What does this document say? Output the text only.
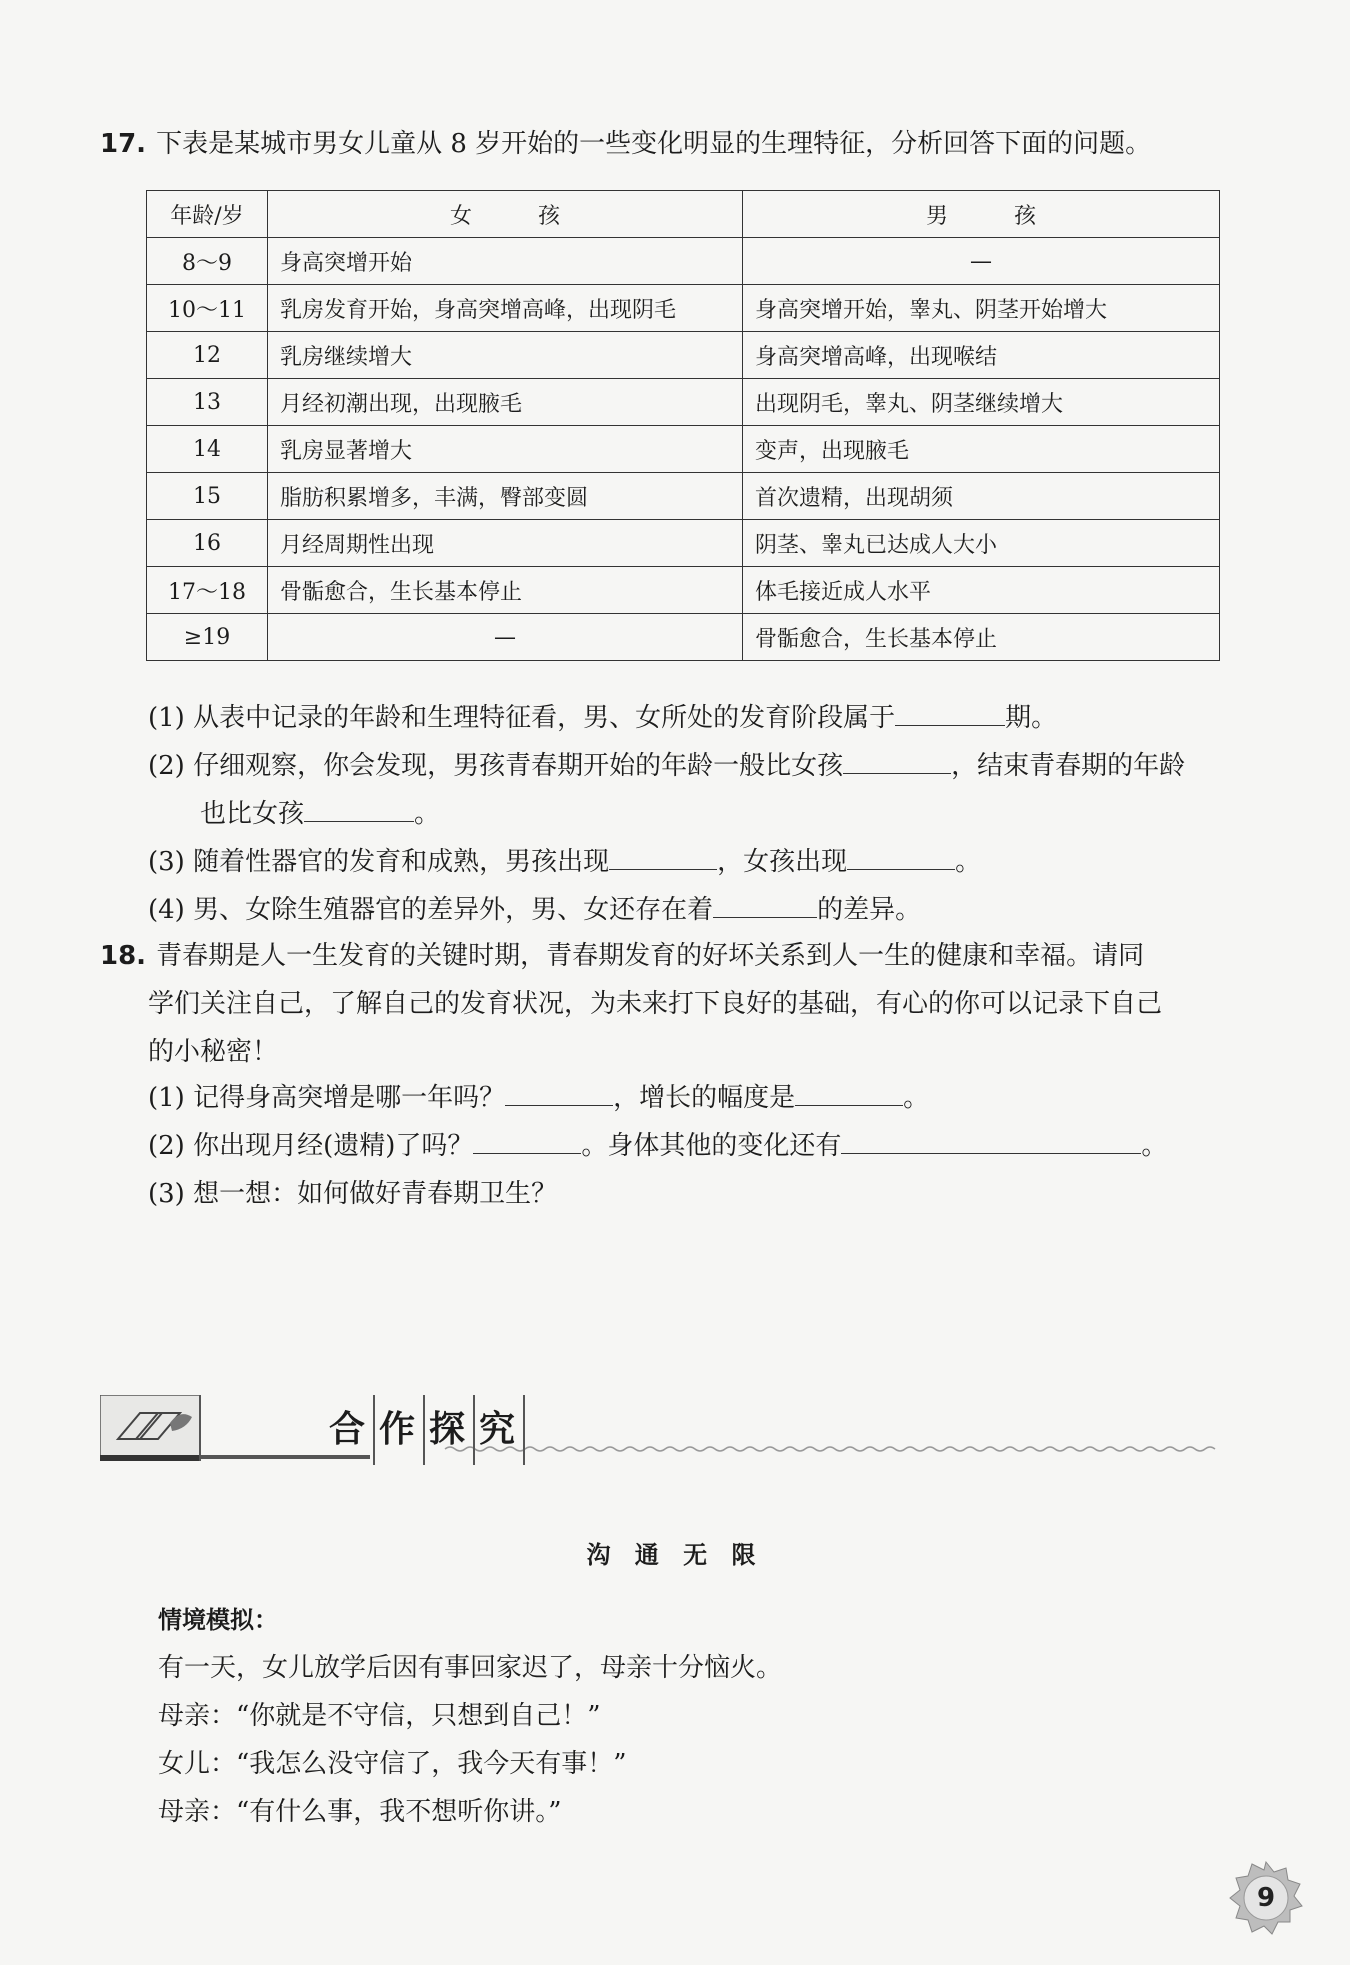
17. 下表是某城市男女儿童从 8 岁开始的一些变化明显的生理特征，分析回答下面的问题。
年龄/岁	女　　　孩	男　　　孩
8～9	身高突增开始	—
10～11	乳房发育开始，身高突增高峰，出现阴毛	身高突增开始，睾丸、阴茎开始增大
12	乳房继续增大	身高突增高峰，出现喉结
13	月经初潮出现，出现腋毛	出现阴毛，睾丸、阴茎继续增大
14	乳房显著增大	变声，出现腋毛
15	脂肪积累增多，丰满，臀部变圆	首次遗精，出现胡须
16	月经周期性出现	阴茎、睾丸已达成人大小
17～18	骨骺愈合，生长基本停止	体毛接近成人水平
≥19	—	骨骺愈合，生长基本停止
(1) 从表中记录的年龄和生理特征看，男、女所处的发育阶段属于	期。
(2) 仔细观察，你会发现，男孩青春期开始的年龄一般比女孩	，结束青春期的年龄
也比女孩	。
(3) 随着性器官的发育和成熟，男孩出现	，女孩出现	。
(4) 男、女除生殖器官的差异外，男、女还存在着	的差异。
18. 青春期是人一生发育的关键时期，青春期发育的好坏关系到人一生的健康和幸福。请同
学们关注自己，了解自己的发育状况，为未来打下良好的基础，有心的你可以记录下自己
的小秘密！
(1) 记得身高突增是哪一年吗？	，增长的幅度是	。
(2) 你出现月经(遗精)了吗？	。身体其他的变化还有	。
(3) 想一想：如何做好青春期卫生？
合 作 探 究
沟 通 无 限
情境模拟：
有一天，女儿放学后因有事回家迟了，母亲十分恼火。
母亲：“你就是不守信，只想到自己！”
女儿：“我怎么没守信了，我今天有事！”
母亲：“有什么事，我不想听你讲。”
9
